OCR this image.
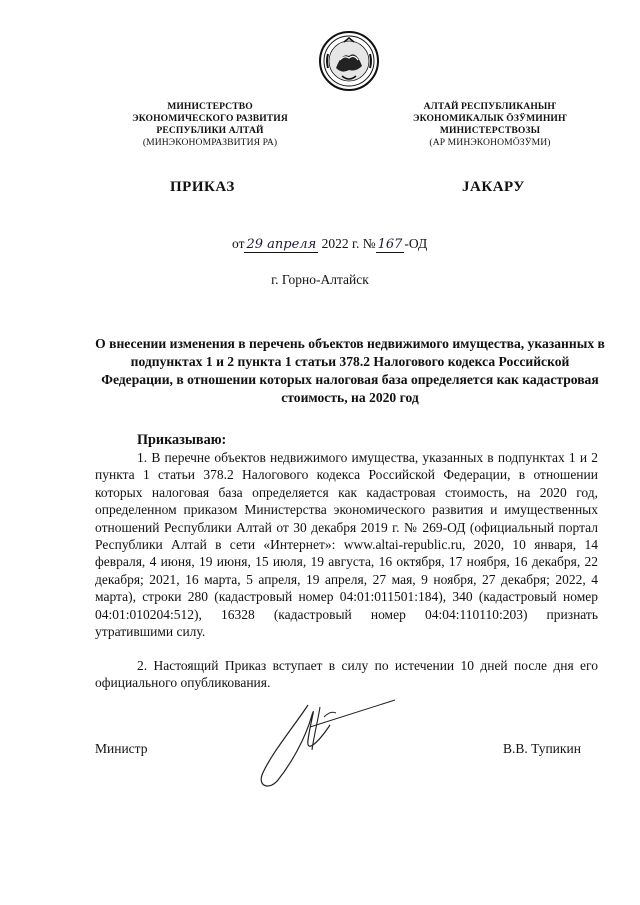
МИНИСТЕРСТВО
ЭКОНОМИЧЕСКОГО РАЗВИТИЯ
РЕСПУБЛИКИ АЛТАЙ
(МИНЭКОНОМРАЗВИТИЯ РА)
АЛТАЙ РЕСПУБЛИКАНЫҤ
ЭКОНОМИКАЛЫК ÖЗӰМИНИҤ
МИНИСТЕРСТВОЗЫ
(АР МИНЭКОНОМÖЗӰМИ)
ПРИКАЗ	JАКАРУ
от 29 апреля 2022 г. № 167 -ОД
г. Горно-Алтайск
О внесении изменения в перечень объектов недвижимого имущества, указанных в подпунктах 1 и 2 пункта 1 статьи 378.2 Налогового кодекса Российской Федерации, в отношении которых налоговая база определяется как кадастровая стоимость, на 2020 год
Приказываю:
1. В перечне объектов недвижимого имущества, указанных в подпунктах 1 и 2 пункта 1 статьи 378.2 Налогового кодекса Российской Федерации, в отношении которых налоговая база определяется как кадастровая стоимость, на 2020 год, определенном приказом Министерства экономического развития и имущественных отношений Республики Алтай от 30 декабря 2019 г. № 269-ОД (официальный портал Республики Алтай в сети «Интернет»: www.altai-republic.ru, 2020, 10 января, 14 февраля, 4 июня, 19 июня, 15 июля, 19 августа, 16 октября, 17 ноября, 16 декабря, 22 декабря; 2021, 16 марта, 5 апреля, 19 апреля, 27 мая, 9 ноября, 27 декабря; 2022, 4 марта), строки 280 (кадастровый номер 04:01:011501:184), 340 (кадастровый номер 04:01:010204:512), 16328 (кадастровый номер 04:04:110110:203) признать утратившими силу.
2. Настоящий Приказ вступает в силу по истечении 10 дней после дня его официального опубликования.
Министр	В.В. Тупикин
